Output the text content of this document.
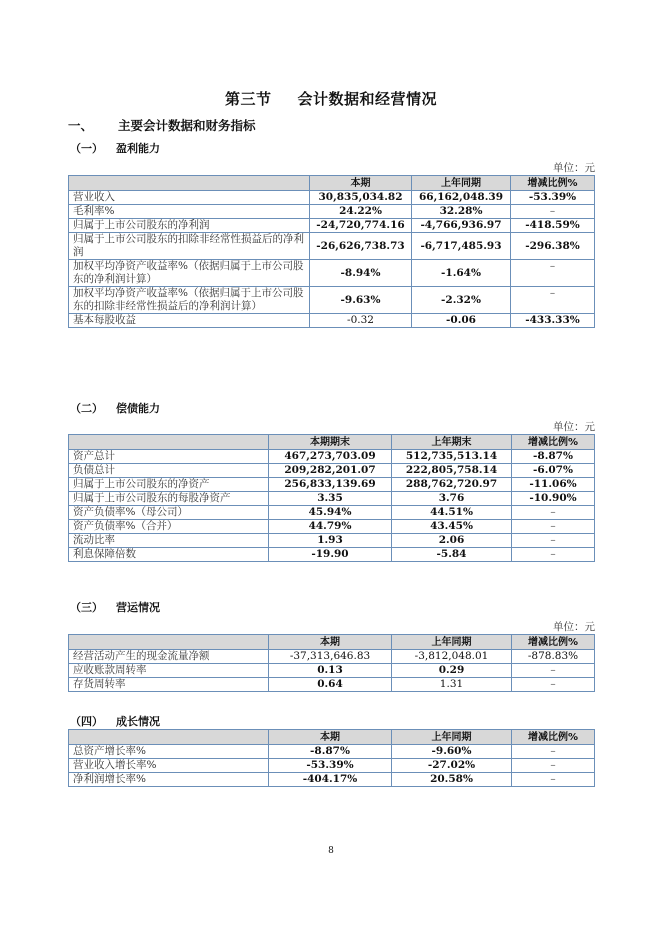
第三节 会计数据和经营情况
一、 主要会计数据和财务指标
（一） 盈利能力
单位：元
	本期	上年同期	增减比例%
营业收入	30,835,034.82	66,162,048.39	-53.39%
毛利率%	24.22%	32.28%	–
归属于上市公司股东的净利润	-24,720,774.16	-4,766,936.97	-418.59%
归属于上市公司股东的扣除非经常性损益后的净利润	-26,626,738.73	-6,717,485.93	-296.38%
加权平均净资产收益率%（依据归属于上市公司股东的净利润计算）	-8.94%	-1.64%	–
加权平均净资产收益率%（依据归属于上市公司股东的扣除非经常性损益后的净利润计算）	-9.63%	-2.32%	–
基本每股收益	-0.32	-0.06	-433.33%
（二） 偿债能力
单位：元
	本期期末	上年期末	增减比例%
资产总计	467,273,703.09	512,735,513.14	-8.87%
负债总计	209,282,201.07	222,805,758.14	-6.07%
归属于上市公司股东的净资产	256,833,139.69	288,762,720.97	-11.06%
归属于上市公司股东的每股净资产	3.35	3.76	-10.90%
资产负债率%（母公司）	45.94%	44.51%	–
资产负债率%（合并）	44.79%	43.45%	–
流动比率	1.93	2.06	–
利息保障倍数	-19.90	-5.84	–
（三） 营运情况
单位：元
	本期	上年同期	增减比例%
经营活动产生的现金流量净额	-37,313,646.83	-3,812,048.01	-878.83%
应收账款周转率	0.13	0.29	–
存货周转率	0.64	1.31	–
（四） 成长情况
	本期	上年同期	增减比例%
总资产增长率%	-8.87%	-9.60%	–
营业收入增长率%	-53.39%	-27.02%	–
净利润增长率%	-404.17%	20.58%	–
8
